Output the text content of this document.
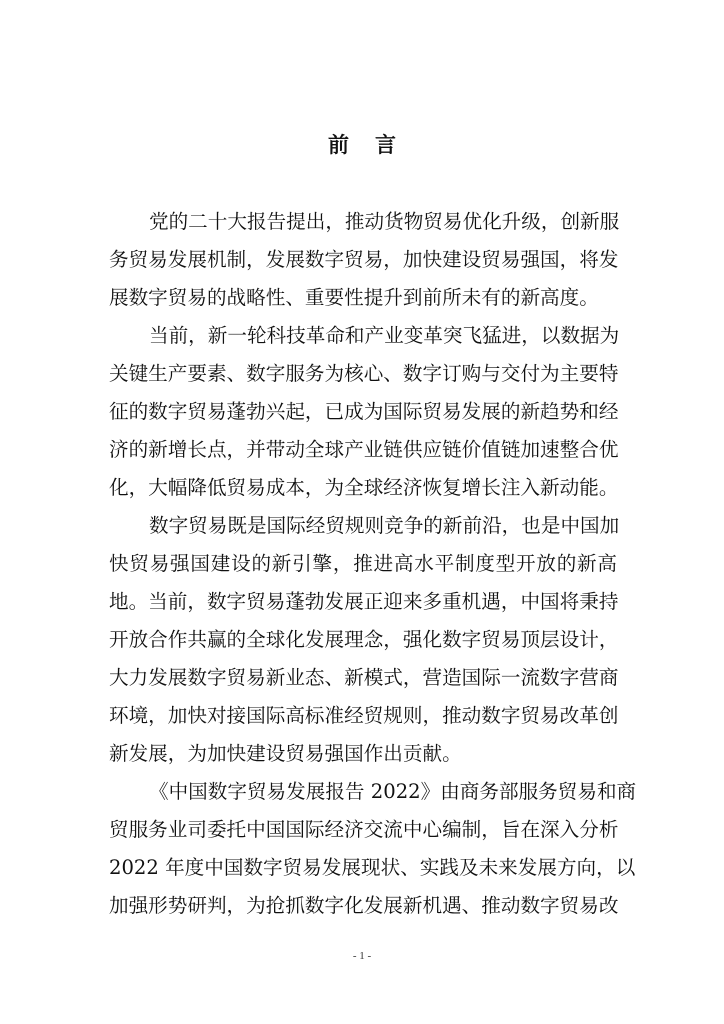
前言
党的二十大报告提出，推动货物贸易优化升级，创新服
务贸易发展机制，发展数字贸易，加快建设贸易强国，将发
展数字贸易的战略性、重要性提升到前所未有的新高度。
当前，新一轮科技革命和产业变革突飞猛进，以数据为
关键生产要素、数字服务为核心、数字订购与交付为主要特
征的数字贸易蓬勃兴起，已成为国际贸易发展的新趋势和经
济的新增长点，并带动全球产业链供应链价值链加速整合优
化，大幅降低贸易成本，为全球经济恢复增长注入新动能。
数字贸易既是国际经贸规则竞争的新前沿，也是中国加
快贸易强国建设的新引擎，推进高水平制度型开放的新高
地。当前，数字贸易蓬勃发展正迎来多重机遇，中国将秉持
开放合作共赢的全球化发展理念，强化数字贸易顶层设计，
大力发展数字贸易新业态、新模式，营造国际一流数字营商
环境，加快对接国际高标准经贸规则，推动数字贸易改革创
新发展，为加快建设贸易强国作出贡献。
《中国数字贸易发展报告 2022》由商务部服务贸易和商
贸服务业司委托中国国际经济交流中心编制，旨在深入分析
2022 年度中国数字贸易发展现状、实践及未来发展方向，以
加强形势研判，为抢抓数字化发展新机遇、推动数字贸易改
- 1 -
